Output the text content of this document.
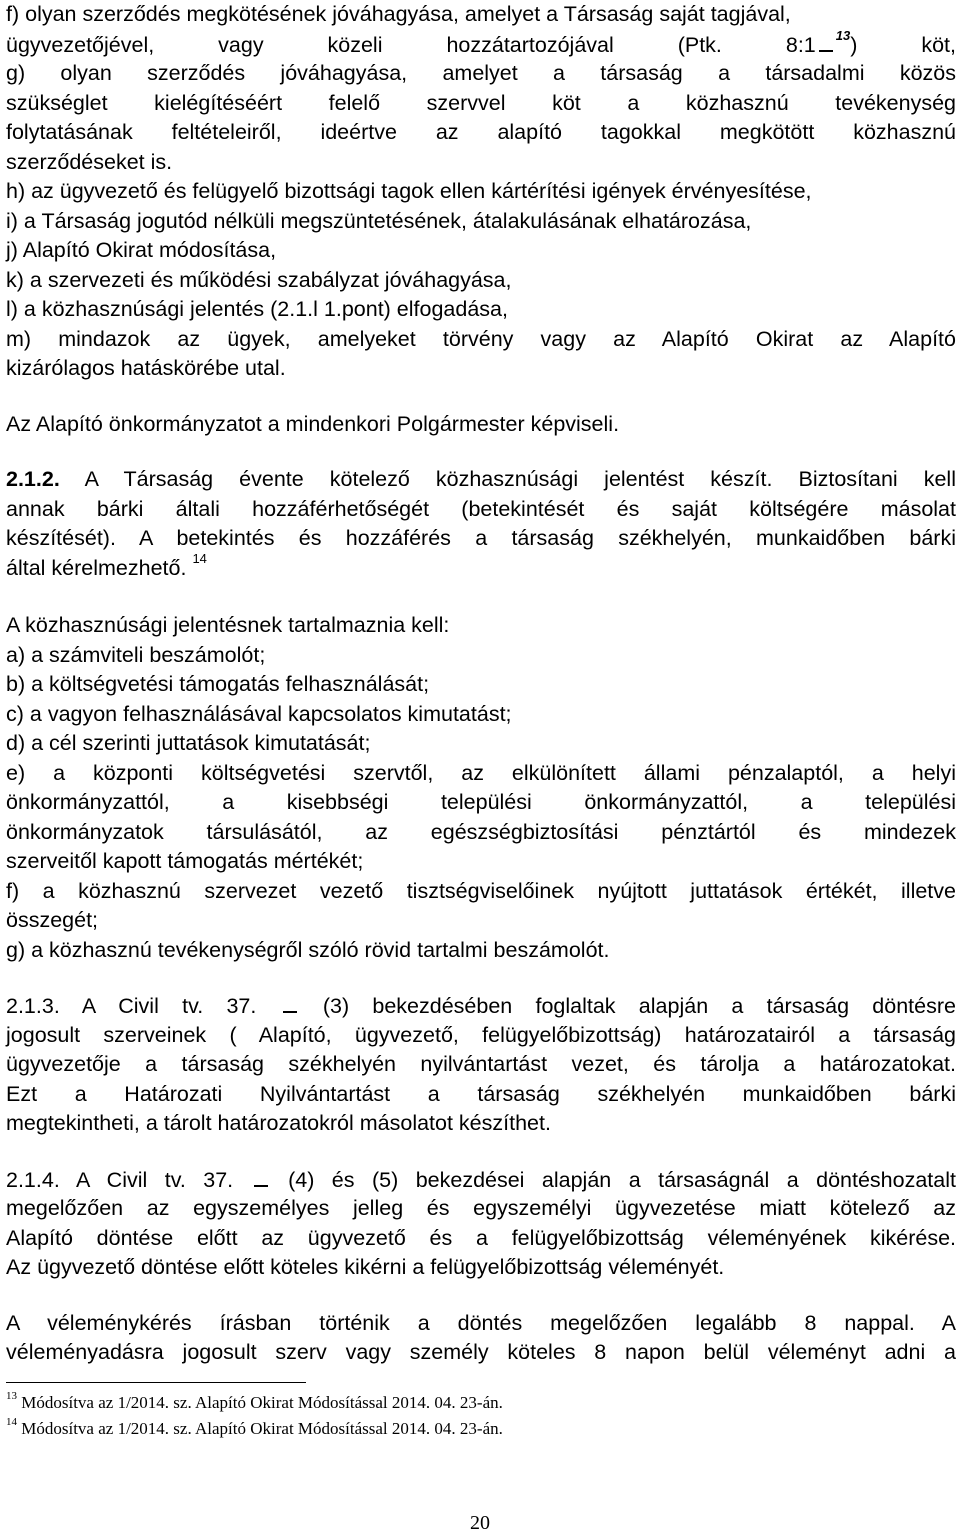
f) olyan szerződés megkötésének jóváhagyása, amelyet a Társaság saját tagjával,
ügyvezetőjével, vagy közeli hozzátartozójával (Ptk. 8:1 $^{13}$) köt,
g) olyan szerződés jóváhagyása, amelyet a társaság a társadalmi közös
szükséglet kielégítéséért felelő szervvel köt a közhasznú tevékenység
folytatásának feltételeiről, ideértve az alapító tagokkal megkötött közhasznú
szerződéseket is.
h) az ügyvezető és felügyelő bizottsági tagok ellen kártérítési igények érvényesítése,
i) a Társaság jogutód nélküli megszüntetésének, átalakulásának elhatározása,
j) Alapító Okirat módosítása,
k) a szervezeti és működési szabályzat jóváhagyása,
l) a közhasznúsági jelentés (2.1.l 1.pont) elfogadása,
m) mindazok az ügyek, amelyeket törvény vagy az Alapító Okirat az Alapító
kizárólagos hatáskörébe utal.
Az Alapító önkormányzatot a mindenkori Polgármester képviseli.
2.1.2. A Társaság évente kötelező közhasznúsági jelentést készít. Biztosítani kell
annak bárki általi hozzáférhetőségét (betekintését és saját költségére másolat
készítését). A betekintés és hozzáférés a társaság székhelyén, munkaidőben bárki
által kérelmezhető. $^{14}$
A közhasznúsági jelentésnek tartalmaznia kell:
a) a számviteli beszámolót;
b) a költségvetési támogatás felhasználását;
c) a vagyon felhasználásával kapcsolatos kimutatást;
d) a cél szerinti juttatások kimutatását;
e) a központi költségvetési szervtől, az elkülönített állami pénzalaptól, a helyi
önkormányzattól, a kisebbségi települési önkormányzattól, a települési
önkormányzatok társulásától, az egészségbiztosítási pénztártól és mindezek
szerveitől kapott támogatás mértékét;
f) a közhasznú szervezet vezető tisztségviselőinek nyújtott juttatások értékét, illetve
összegét;
g) a közhasznú tevékenységről szóló rövid tartalmi beszámolót.
2.1.3. A Civil tv. 37.	(3) bekezdésében foglaltak alapján a társaság döntésre
jogosult szerveinek ( Alapító, ügyvezető, felügyelőbizottság) határozatairól a társaság
ügyvezetője a társaság székhelyén nyilvántartást vezet, és tárolja a határozatokat.
Ezt a Határozati Nyilvántartást a társaság székhelyén munkaidőben bárki
megtekintheti, a tárolt határozatokról másolatot készíthet.
2.1.4. A Civil tv. 37.	(4) és (5) bekezdései alapján a társaságnál a döntéshozatalt
megelőzően az egyszemélyes jelleg és egyszemélyi ügyvezetése miatt kötelező az
Alapító döntése előtt az ügyvezető és a felügyelőbizottság véleményének kikérése.
Az ügyvezető döntése előtt köteles kikérni a felügyelőbizottság véleményét.
A véleménykérés írásban történik a döntés megelőzően legalább 8 nappal. A
véleményadásra jogosult szerv vagy személy köteles 8 napon belül véleményt adni a
$^{13}$ Módosítva az 1/2014. sz. Alapító Okirat Módosítással 2014. 04. 23-án.
$^{14}$ Módosítva az 1/2014. sz. Alapító Okirat Módosítással 2014. 04. 23-án.
20
